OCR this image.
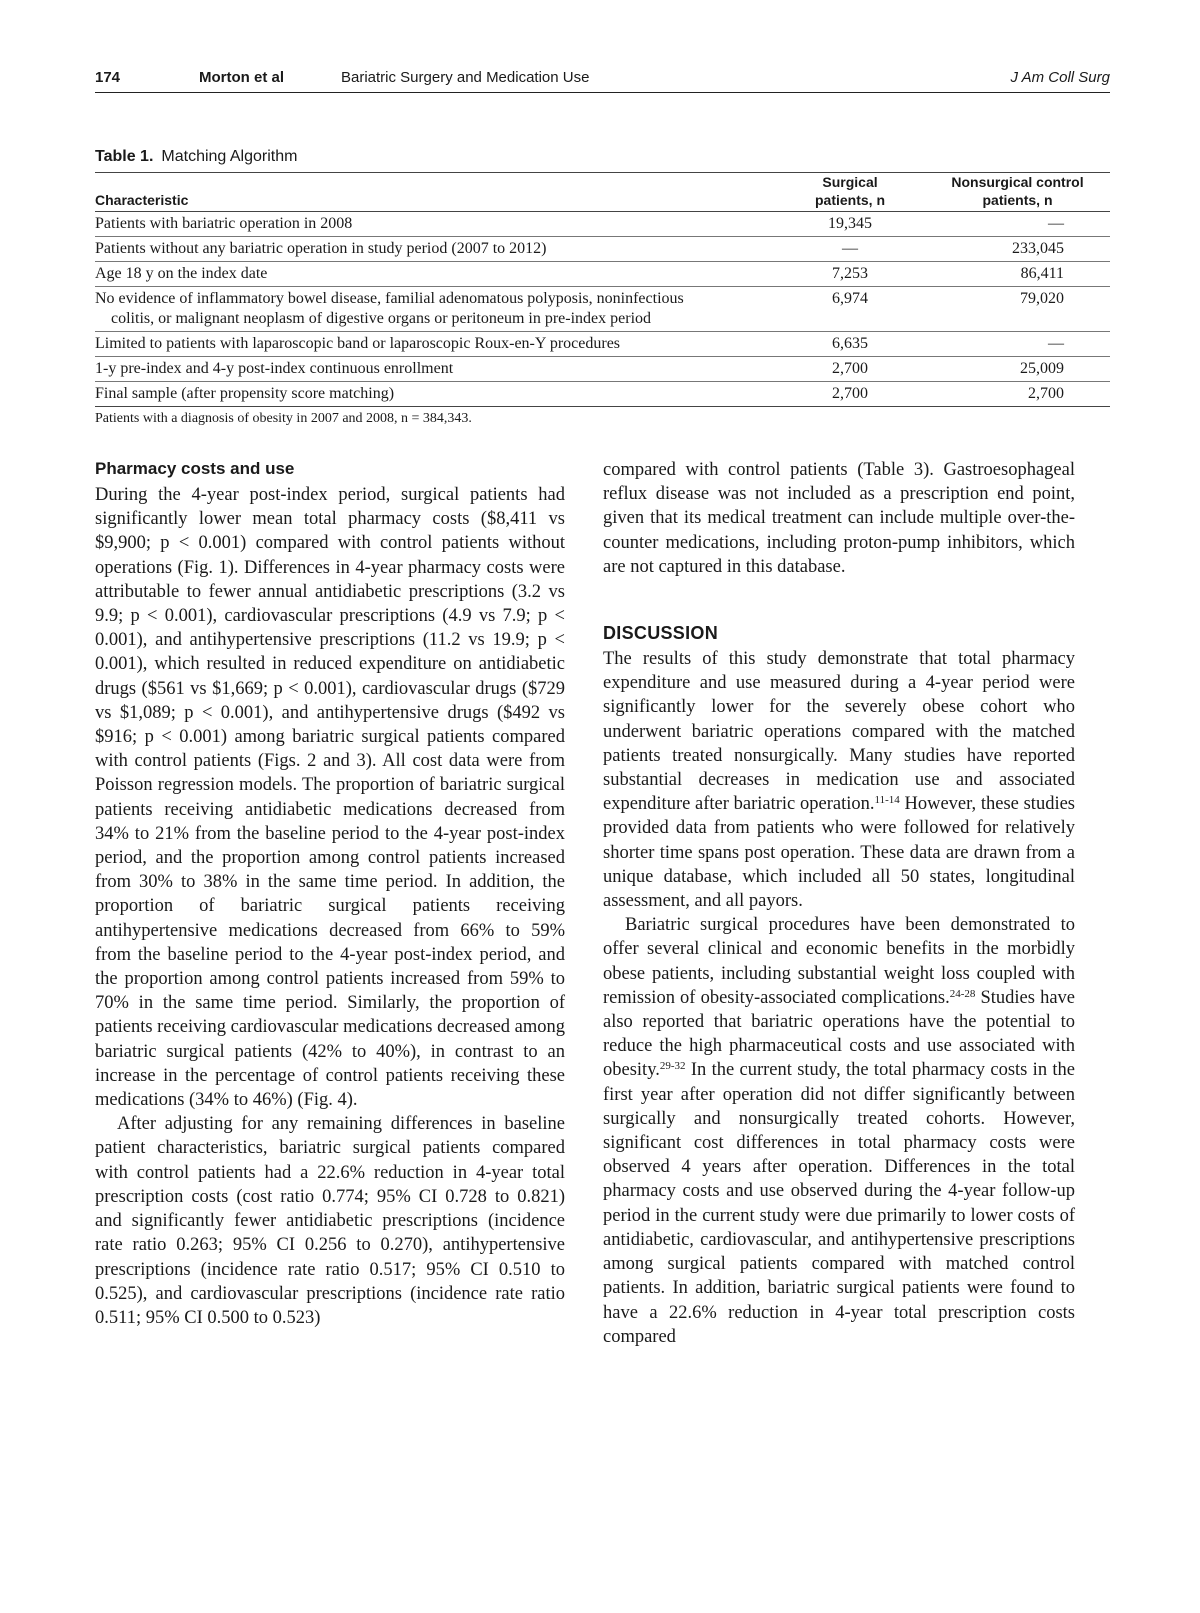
174	Morton et al	Bariatric Surgery and Medication Use	J Am Coll Surg
Table 1. Matching Algorithm
Characteristic	Surgical patients, n	Nonsurgical control patients, n

Patients with bariatric operation in 2008	19,345	—
Patients without any bariatric operation in study period (2007 to 2012)	—	233,045
Age 18 y on the index date	7,253	86,411
No evidence of inflammatory bowel disease, familial adenomatous polyposis, noninfectious
colitis, or malignant neoplasm of digestive organs or peritoneum in pre-index period	6,974	79,020
Limited to patients with laparoscopic band or laparoscopic Roux-en-Y procedures	6,635	—
1-y pre-index and 4-y post-index continuous enrollment	2,700	25,009
Final sample (after propensity score matching)	2,700	2,700
Patients with a diagnosis of obesity in 2007 and 2008, n = 384,343.
Pharmacy costs and use

During the 4-year post-index period, surgical patients had significantly lower mean total pharmacy costs ($8,411 vs $9,900; p < 0.001) compared with control patients without operations (Fig. 1). Differences in 4-year pharmacy costs were attributable to fewer annual antidiabetic prescriptions (3.2 vs 9.9; p < 0.001), cardiovascular prescriptions (4.9 vs 7.9; p < 0.001), and antihypertensive prescriptions (11.2 vs 19.9; p < 0.001), which resulted in reduced expenditure on antidiabetic drugs ($561 vs $1,669; p < 0.001), cardiovascular drugs ($729 vs $1,089; p < 0.001), and antihypertensive drugs ($492 vs $916; p < 0.001) among bariatric surgical patients compared with control patients (Figs. 2 and 3). All cost data were from Poisson regression models. The proportion of bariatric surgical patients receiving antidiabetic medications decreased from 34% to 21% from the baseline period to the 4-year post-index period, and the proportion among control patients increased from 30% to 38% in the same time period. In addition, the proportion of bariatric surgical patients receiving antihypertensive medications decreased from 66% to 59% from the baseline period to the 4-year post-index period, and the proportion among control patients increased from 59% to 70% in the same time period. Similarly, the proportion of patients receiving cardiovascular medications decreased among bariatric surgical patients (42% to 40%), in contrast to an increase in the percentage of control patients receiving these medications (34% to 46%) (Fig. 4).

After adjusting for any remaining differences in baseline patient characteristics, bariatric surgical patients compared with control patients had a 22.6% reduction in 4-year total prescription costs (cost ratio 0.774; 95% CI 0.728 to 0.821) and significantly fewer antidiabetic prescriptions (incidence rate ratio 0.263; 95% CI 0.256 to 0.270), antihypertensive prescriptions (incidence rate ratio 0.517; 95% CI 0.510 to 0.525), and cardiovascular prescriptions (incidence rate ratio 0.511; 95% CI 0.500 to 0.523)

compared with control patients (Table 3). Gastroesophageal reflux disease was not included as a prescription end point, given that its medical treatment can include multiple over-the-counter medications, including proton-pump inhibitors, which are not captured in this database.

DISCUSSION

The results of this study demonstrate that total pharmacy expenditure and use measured during a 4-year period were significantly lower for the severely obese cohort who underwent bariatric operations compared with the matched patients treated nonsurgically. Many studies have reported substantial decreases in medication use and associated expenditure after bariatric operation.$^{11-14}$ However, these studies provided data from patients who were followed for relatively shorter time spans post operation. These data are drawn from a unique database, which included all 50 states, longitudinal assessment, and all payors.

Bariatric surgical procedures have been demonstrated to offer several clinical and economic benefits in the morbidly obese patients, including substantial weight loss coupled with remission of obesity-associated complications.$^{24-28}$ Studies have also reported that bariatric operations have the potential to reduce the high pharmaceutical costs and use associated with obesity.$^{29-32}$ In the current study, the total pharmacy costs in the first year after operation did not differ significantly between surgically and nonsurgically treated cohorts. However, significant cost differences in total pharmacy costs were observed 4 years after operation. Differences in the total pharmacy costs and use observed during the 4-year follow-up period in the current study were due primarily to lower costs of antidiabetic, cardiovascular, and antihypertensive prescriptions among surgical patients compared with matched control patients. In addition, bariatric surgical patients were found to have a 22.6% reduction in 4-year total prescription costs compared
